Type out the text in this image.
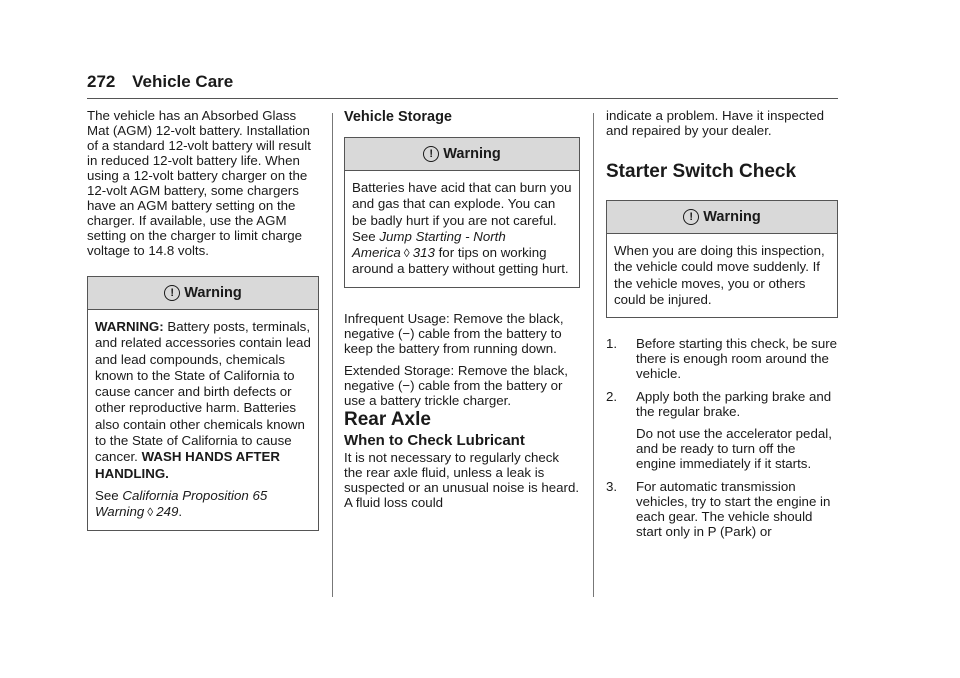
272 Vehicle Care

The vehicle has an Absorbed Glass Mat (AGM) 12-volt battery. Installation of a standard 12-volt battery will result in reduced 12-volt battery life. When using a 12-volt battery charger on the 12-volt AGM battery, some chargers have an AGM battery setting on the charger. If available, use the AGM setting on the charger to limit charge voltage to 14.8 volts.

! Warning

WARNING: Battery posts, terminals, and related accessories contain lead and lead compounds, chemicals known to the State of California to cause cancer and birth defects or other reproductive harm. Batteries also contain other chemicals known to the State of California to cause cancer. WASH HANDS AFTER HANDLING.

See California Proposition 65 Warning ◊ 249.

Vehicle Storage

! Warning

Batteries have acid that can burn you and gas that can explode. You can be badly hurt if you are not careful. See Jump Starting - North America ◊ 313 for tips on working around a battery without getting hurt.

Infrequent Usage: Remove the black, negative (−) cable from the battery to keep the battery from running down.

Extended Storage: Remove the black, negative (−) cable from the battery or use a battery trickle charger.

Rear Axle

When to Check Lubricant

It is not necessary to regularly check the rear axle fluid, unless a leak is suspected or an unusual noise is heard. A fluid loss could

indicate a problem. Have it inspected and repaired by your dealer.

Starter Switch Check

! Warning

When you are doing this inspection, the vehicle could move suddenly. If the vehicle moves, you or others could be injured.

1. Before starting this check, be sure there is enough room around the vehicle.
2. Apply both the parking brake and the regular brake.
Do not use the accelerator pedal, and be ready to turn off the engine immediately if it starts.
3. For automatic transmission vehicles, try to start the engine in each gear. The vehicle should start only in P (Park) or
